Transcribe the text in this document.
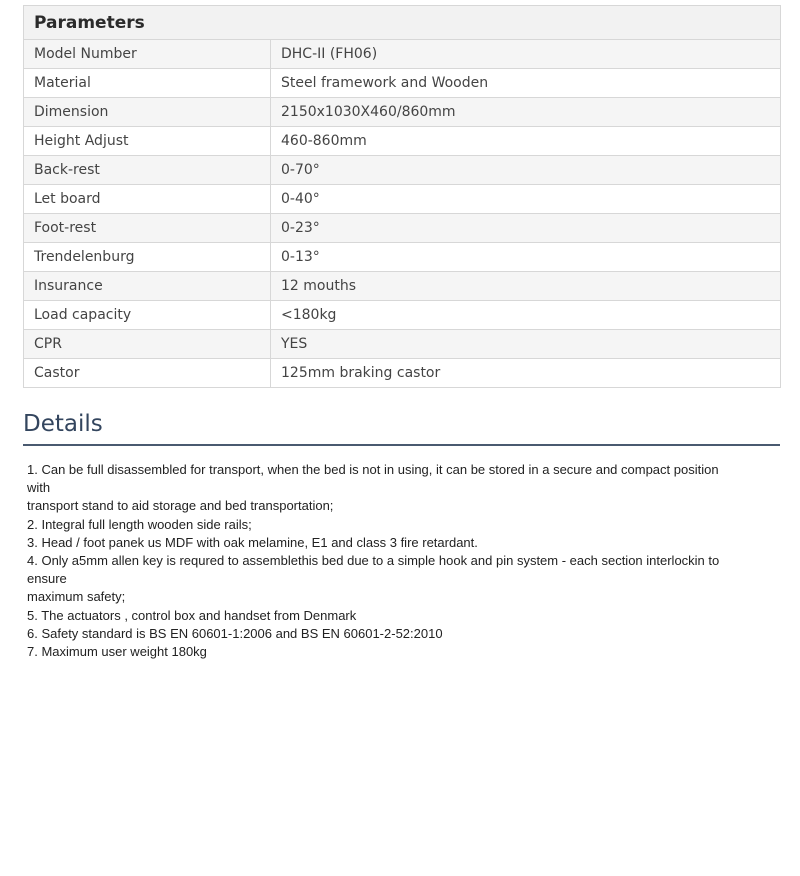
Parameters	
Model Number	DHC-II (FH06)
Material	Steel framework and Wooden
Dimension	2150x1030X460/860mm
Height Adjust	460-860mm
Back-rest	0-70°
Let board	0-40°
Foot-rest	0-23°
Trendelenburg	0-13°
Insurance	12 mouths
Load capacity	<180kg
CPR	YES
Castor	125mm braking castor
Details
1. Can be full disassembled for transport, when the bed is not in using, it can be stored in a secure and compact position
with
transport stand to aid storage and bed transportation;
2. Integral full length wooden side rails;
3. Head / foot panek us MDF with oak melamine, E1 and class 3 fire retardant.
4. Only a5mm allen key is requred to assemblethis bed due to a simple hook and pin system - each section interlockin to
ensure
maximum safety;
5. The actuators , control box and handset from Denmark
6. Safety standard is BS EN 60601-1:2006 and BS EN 60601-2-52:2010
7. Maximum user weight 180kg
